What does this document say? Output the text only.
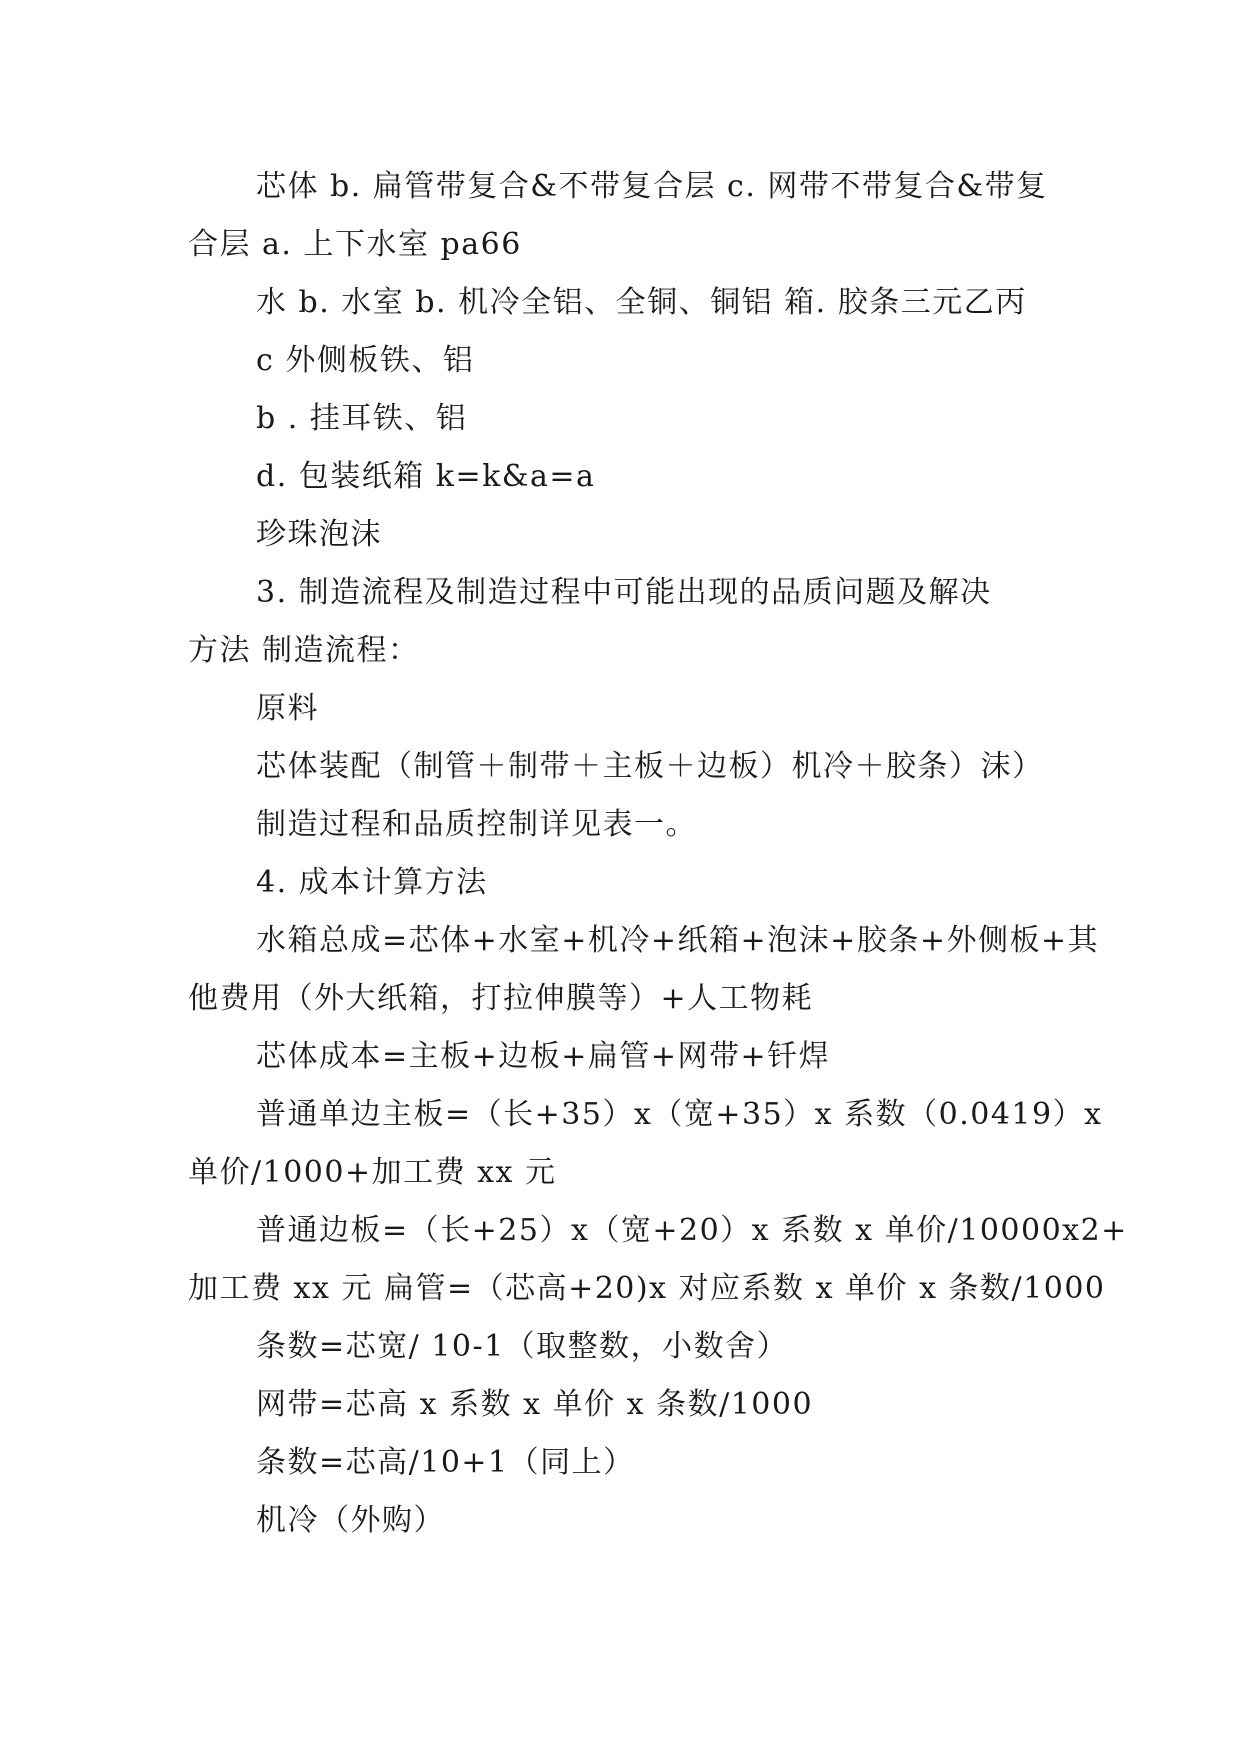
芯体 b. 扁管带复合&不带复合层 c. 网带不带复合&带复

合层 a. 上下水室 pa66

水 b. 水室 b. 机冷全铝、全铜、铜铝 箱. 胶条三元乙丙

c 外侧板铁、铝

b . 挂耳铁、铝

d. 包装纸箱 k=k&a=a

珍珠泡沫

3. 制造流程及制造过程中可能出现的品质问题及解决

方法 制造流程：

原料

芯体装配（制管＋制带＋主板＋边板）机冷＋胶条）沫）

制造过程和品质控制详见表一。

4. 成本计算方法

水箱总成=芯体+水室+机冷+纸箱+泡沫+胶条+外侧板+其

他费用（外大纸箱，打拉伸膜等）+人工物耗

芯体成本=主板+边板+扁管+网带+钎焊

普通单边主板=（长+35）x（宽+35）x 系数（0.0419）x

单价/1000+加工费 xx 元

普通边板=（长+25）x（宽+20）x 系数 x 单价/10000x2+

加工费 xx 元 扁管=（芯高+20)x 对应系数 x 单价 x 条数/1000

条数=芯宽/ 10-1（取整数，小数舍）

网带=芯高 x 系数 x 单价 x 条数/1000

条数=芯高/10+1（同上）

机冷（外购）
